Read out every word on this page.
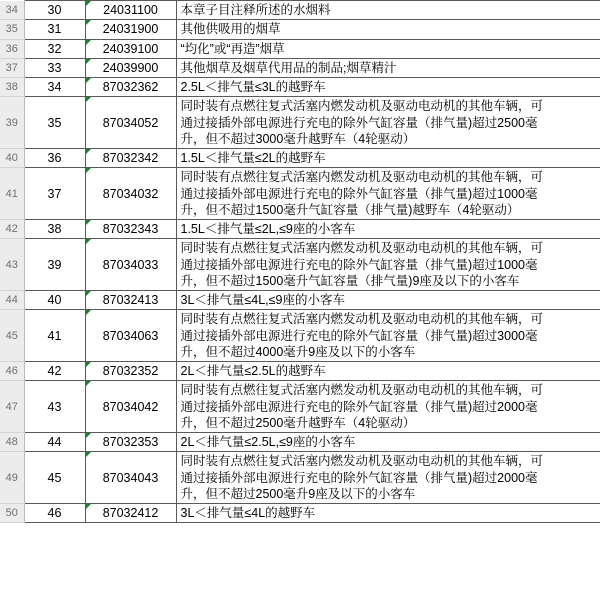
34	30	24031100	本章子目注释所述的水烟料

35	31	24031900	其他供吸用的烟草

36	32	24039100	“均化”或“再造”烟草

37	33	24039900	其他烟草及烟草代用品的制品;烟草精汁

38	34	87032362	2.5L＜排气量≤3L的越野车

39	35	87034052	同时装有点燃往复式活塞内燃发动机及驱动电动机的其他车辆，可
通过接插外部电源进行充电的除外气缸容量（排气量)超过2500毫
升，但不超过3000毫升越野车（4轮驱动）

40	36	87032342	1.5L＜排气量≤2L的越野车

41	37	87034032	同时装有点燃往复式活塞内燃发动机及驱动电动机的其他车辆，可
通过接插外部电源进行充电的除外气缸容量（排气量)超过1000毫
升，但不超过1500毫升气缸容量（排气量)越野车（4轮驱动）

42	38	87032343	1.5L＜排气量≤2L,≤9座的小客车

43	39	87034033	同时装有点燃往复式活塞内燃发动机及驱动电动机的其他车辆，可
通过接插外部电源进行充电的除外气缸容量（排气量)超过1000毫
升，但不超过1500毫升气缸容量（排气量)9座及以下的小客车

44	40	87032413	3L＜排气量≤4L,≤9座的小客车

45	41	87034063	同时装有点燃往复式活塞内燃发动机及驱动电动机的其他车辆，可
通过接插外部电源进行充电的除外气缸容量（排气量)超过3000毫
升，但不超过4000毫升9座及以下的小客车

46	42	87032352	2L＜排气量≤2.5L的越野车

47	43	87034042	同时装有点燃往复式活塞内燃发动机及驱动电动机的其他车辆，可
通过接插外部电源进行充电的除外气缸容量（排气量)超过2000毫
升，但不超过2500毫升越野车（4轮驱动）

48	44	87032353	2L＜排气量≤2.5L,≤9座的小客车

49	45	87034043	同时装有点燃往复式活塞内燃发动机及驱动电动机的其他车辆，可
通过接插外部电源进行充电的除外气缸容量（排气量)超过2000毫
升，但不超过2500毫升9座及以下的小客车

50	46	87032412	3L＜排气量≤4L的越野车
